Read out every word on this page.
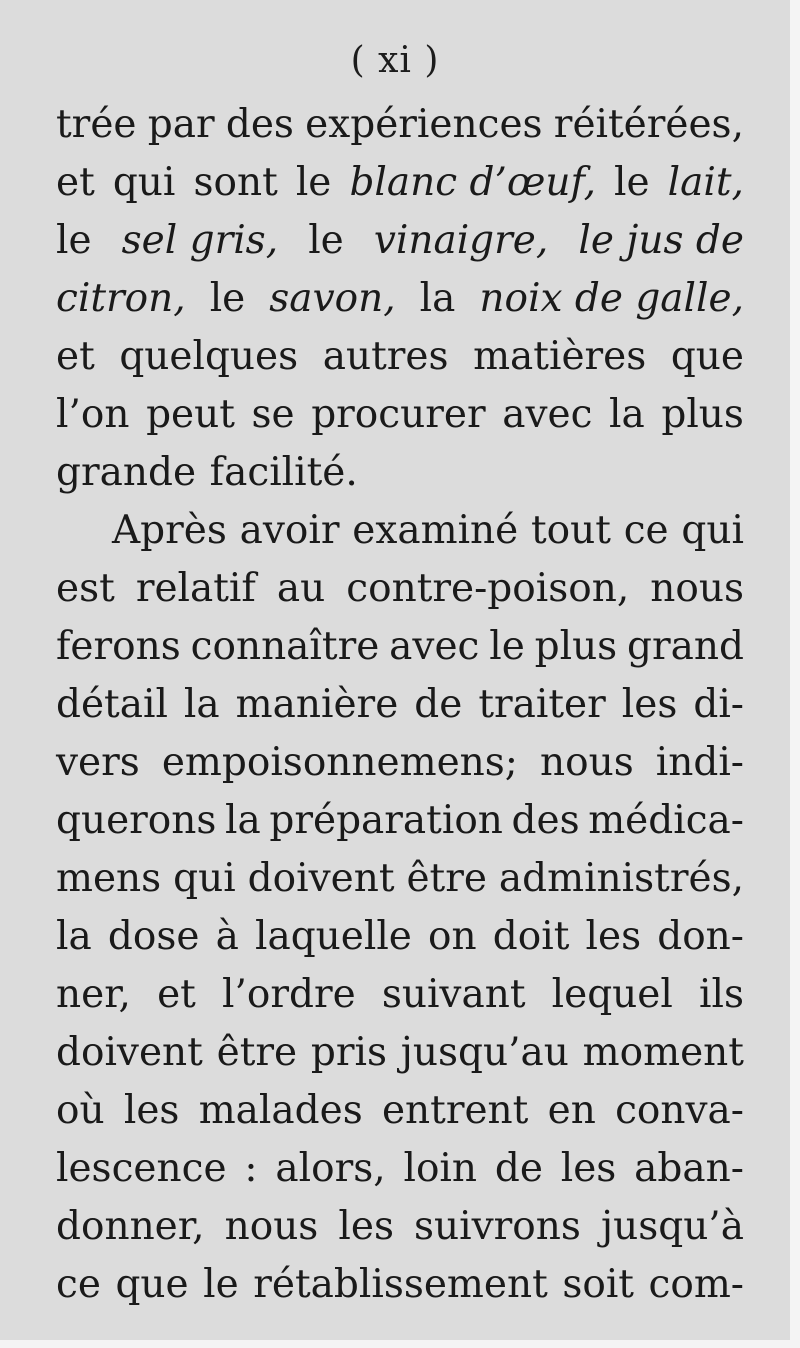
( xi )
trée par des expériences réitérées,
et qui sont le blanc d’œuf, le lait,
le sel gris, le vinaigre, le jus de
citron, le savon, la noix de galle,
et quelques autres matières que
l’on peut se procurer avec la plus
grande facilité.
Après avoir examiné tout ce qui
est relatif au contre-poison, nous
ferons connaître avec le plus grand
détail la manière de traiter les di-
vers empoisonnemens; nous indi-
querons la préparation des médica-
mens qui doivent être administrés,
la dose à laquelle on doit les don-
ner, et l’ordre suivant lequel ils
doivent être pris jusqu’au moment
où les malades entrent en conva-
lescence : alors, loin de les aban-
donner, nous les suivrons jusqu’à
ce que le rétablissement soit com-
